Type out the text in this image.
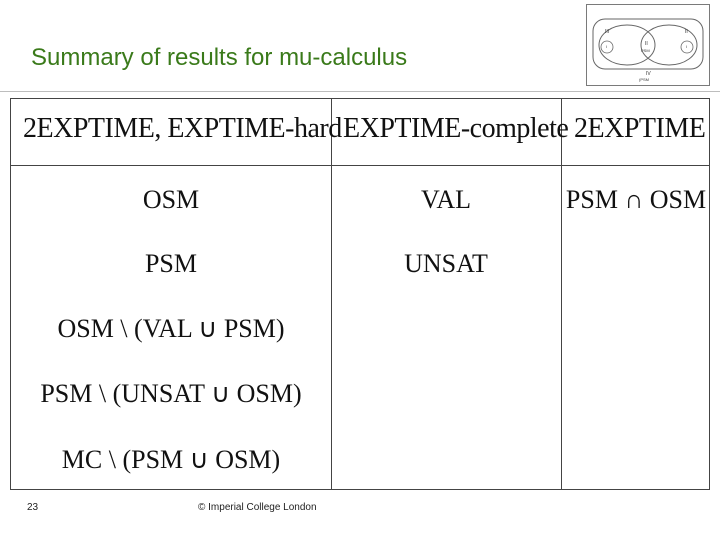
Summary of results for mu-calculus
III
II
PSM
I	I
II
IV
(PSM
2EXPTIME, EXPTIME-hard EXPTIME-complete 2EXPTIME
OSM
PSM
OSM \ (VAL ∪ PSM)
PSM \ (UNSAT ∪ OSM)
MC \ (PSM ∪ OSM)
VAL
UNSAT
PSM ∩ OSM
23	© Imperial College London
